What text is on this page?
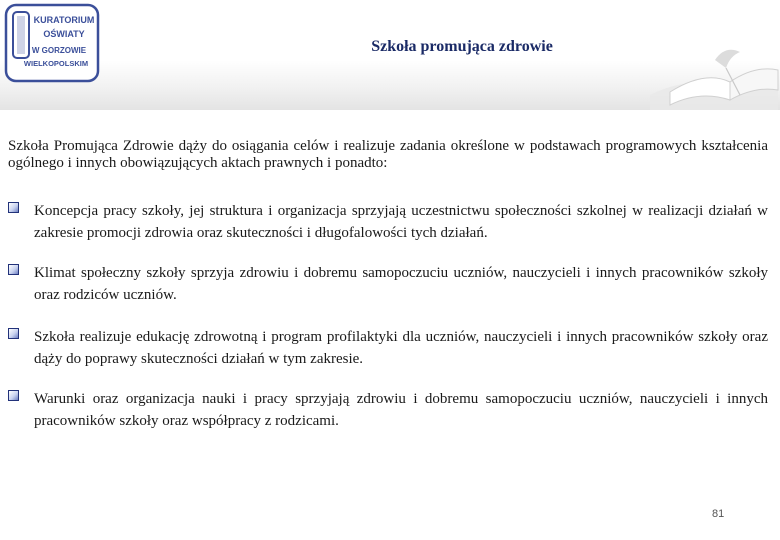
KURATORIUM
OŚWIATY
W GORZOWIE
WIELKOPOLSKIM
Szkoła promująca zdrowie
Szkoła Promująca Zdrowie dąży do osiągania celów i realizuje zadania określone w podstawach programowych kształcenia ogólnego i innych obowiązujących aktach prawnych i ponadto:
Koncepcja pracy szkoły, jej struktura i organizacja sprzyjają uczestnictwu społeczności szkolnej w realizacji działań w zakresie promocji zdrowia oraz skuteczności i długofalowości tych działań.
Klimat społeczny szkoły sprzyja zdrowiu i dobremu samopoczuciu uczniów, nauczycieli i innych pracowników szkoły oraz rodziców uczniów.
Szkoła realizuje edukację zdrowotną i program profilaktyki dla uczniów, nauczycieli i innych pracowników szkoły oraz dąży do poprawy skuteczności działań w tym zakresie.
Warunki oraz organizacja nauki i pracy sprzyjają zdrowiu i dobremu samopoczuciu uczniów, nauczycieli i innych pracowników szkoły oraz współpracy z rodzicami.
81
